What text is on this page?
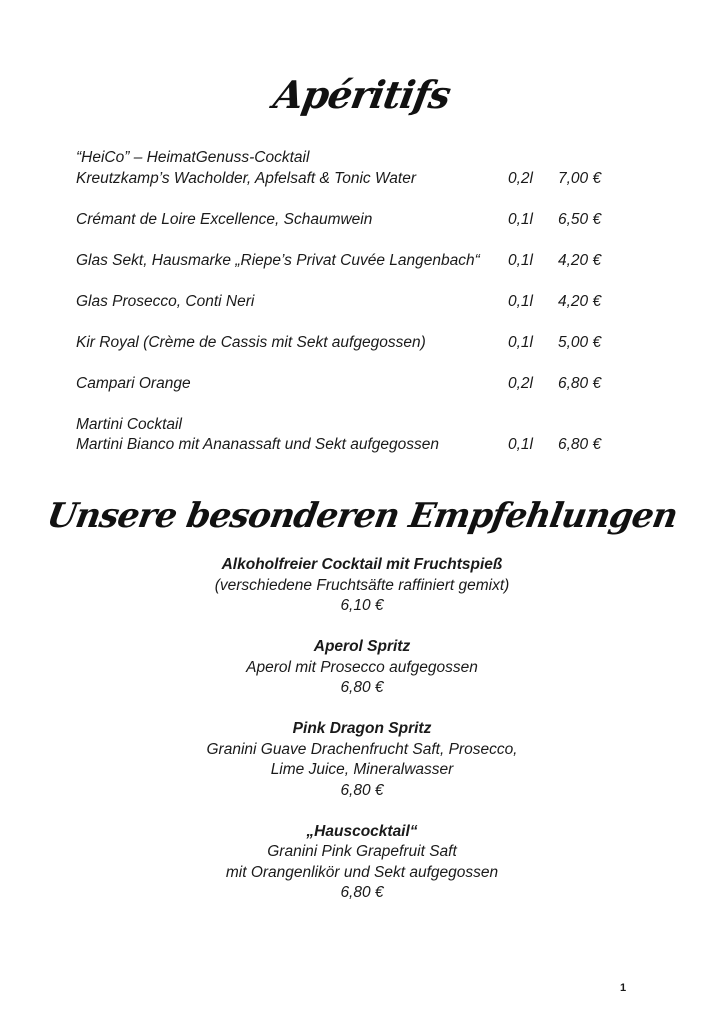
Apéritifs
“HeiCo” – HeimatGenuss-Cocktail
Kreutzkamp’s Wacholder, Apfelsaft & Tonic Water	0,2l 7,00 €
Crémant de Loire Excellence, Schaumwein	0,1l 6,50 €
Glas Sekt, Hausmarke „Riepe’s Privat Cuvée Langenbach“	0,1l 4,20 €
Glas Prosecco, Conti Neri	0,1l 4,20 €
Kir Royal (Crème de Cassis mit Sekt aufgegossen)	0,1l 5,00 €
Campari Orange	0,2l 6,80 €
Martini Cocktail
Martini Bianco mit Ananassaft und Sekt aufgegossen	0,1l 6,80 €
Unsere besonderen Empfehlungen
Alkoholfreier Cocktail mit Fruchtspieß
(verschiedene Fruchtsäfte raffiniert gemixt)
6,10 €
Aperol Spritz
Aperol mit Prosecco aufgegossen
6,80 €
Pink Dragon Spritz
Granini Guave Drachenfrucht Saft, Prosecco,
Lime Juice, Mineralwasser
6,80 €
„Hauscocktail“
Granini Pink Grapefruit Saft
mit Orangenlikör und Sekt aufgegossen
6,80 €
1
